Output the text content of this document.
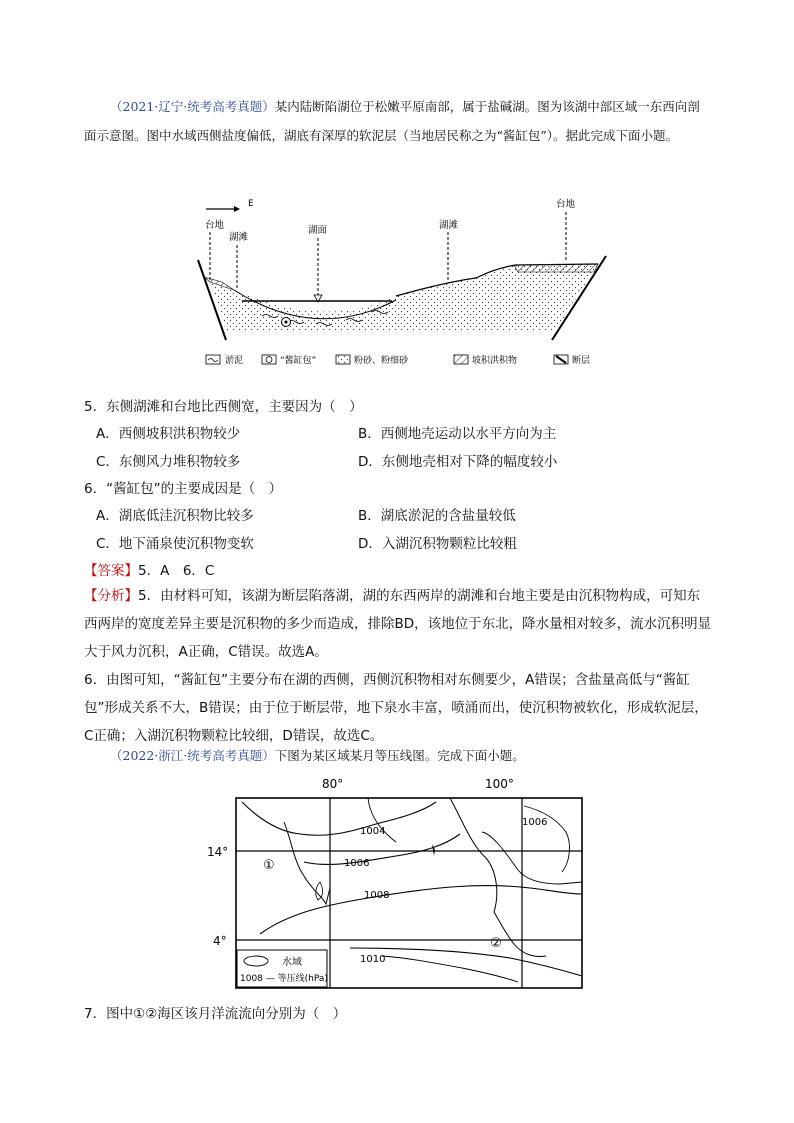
（2021·辽宁·统考高考真题）某内陆断陷湖位于松嫩平原南部，属于盐碱湖。图为该湖中部区域一东西向剖面示意图。图中水域西侧盐度偏低，湖底有深厚的软泥层（当地居民称之为“酱缸包”）。据此完成下面小题。
E
台地
湖滩
湖面	湖滩
台地
淤泥	“酱缸包”	粉砂、粉细砂	坡积洪积物	断层
5．东侧湖滩和台地比西侧宽，主要因为（　）
A．西侧坡积洪积物较少	B．西侧地壳运动以水平方向为主
C．东侧风力堆积物较多	D．东侧地壳相对下降的幅度较小
6．“酱缸包”的主要成因是（　）
A．湖底低洼沉积物比较多	B．湖底淤泥的含盐量较低
C．地下涌泉使沉积物变软	D．入湖沉积物颗粒比较粗
【答案】5．A　6．C
【分析】5．由材料可知，该湖为断层陷落湖，湖的东西两岸的湖滩和台地主要是由沉积物构成，可知东西两岸的宽度差异主要是沉积物的多少而造成，排除BD，该地位于东北，降水量相对较多，流水沉积明显大于风力沉积，A正确，C错误。故选A。
6．由图可知，“酱缸包”主要分布在湖的西侧，西侧沉积物相对东侧要少，A错误；含盐量高低与“酱缸包”形成关系不大，B错误；由于位于断层带，地下泉水丰富，喷涌而出，使沉积物被软化，形成软泥层，C正确；入湖沉积物颗粒比较细，D错误，故选C。
（2022·浙江·统考高考真题）下图为某区域某月等压线图。完成下面小题。
80°	100°
14°
4°
1004
1006
1006
1008
1010
①
②
水域
1008 — 等压线(hPa)
7．图中①②海区该月洋流流向分别为（　）
